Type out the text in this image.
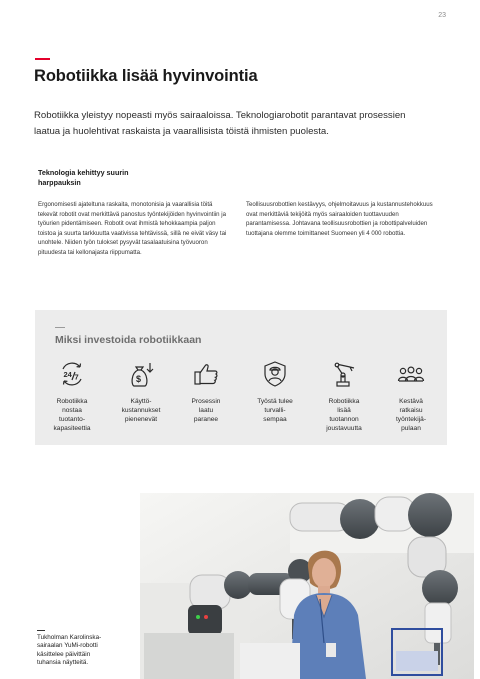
23
Robotiikka lisää hyvinvointia

Robotiikka yleistyy nopeasti myös sairaaloissa. Teknologiarobotit parantavat prosessien laatua ja huolehtivat raskaista ja vaarallisista töistä ihmisten puolesta.

Teknologia kehittyy suurin harppauksin

Ergonomisesti ajateltuna raskaita, monotonisia ja vaarallisia töitä tekevät robotit ovat merkittävä panostus työntekijöiden hyvinvointiin ja työurien pidentämiseen. Robotit ovat ihmistä tehokkaampia paljon toistoa ja suurta tarkkuutta vaativissa tehtävissä, sillä ne eivät väsy tai unohtele. Niiden työn tulokset pysyvät tasalaatuisina työvuoron pituudesta tai kellonajasta riippumatta.

Teollisuusrobottien kestävyys, ohjelmoitavuus ja kustannustehokkuus ovat merkittäviä tekijöitä myös sairaaloiden tuottavuuden parantamisessa. Johtavana teollisuusrobottien ja robottipalveluiden tuottajana olemme toimittaneet Suomeen yli 4 000 robottia.

Miksi investoida robotiikkaan
24 7
Robotiikka
nostaa
tuotanto-
kapasiteettia
$
Käyttö-
kustannukset
pienenevät
Prosessin
laatu
paranee
Työstä tulee
turvalli-
sempaa
Robotiikka
lisää
tuotannon
joustavuutta
Kestävä
ratkaisu
työntekijä-
pulaan

Tukholman Karolinska-
sairaalan YuMi-robotti
käsittelee päivittäin
tuhansia näytteitä.
